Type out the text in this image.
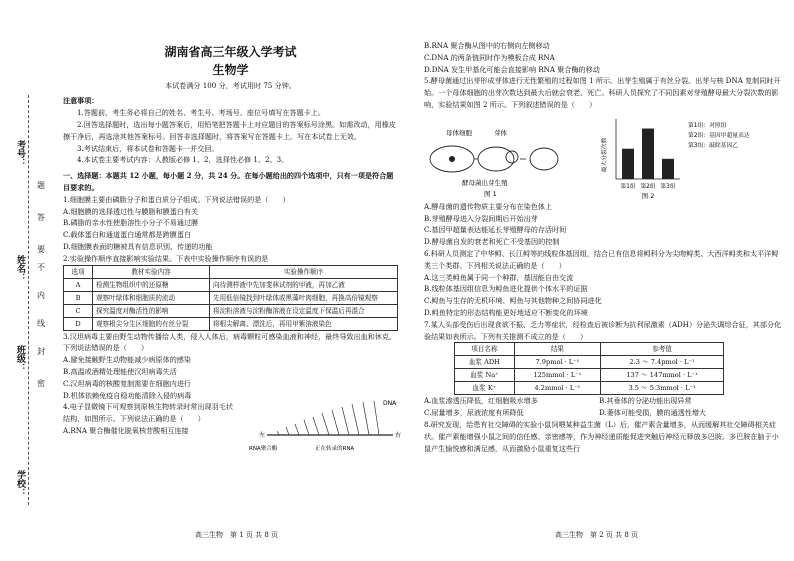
考号：
姓名：
班级：
学校：
题
答
要
不
内
线
封
密
湖南省高三年级入学考试
生物学

本试卷满分 100 分，考试用时 75 分钟。

注意事项：

1.答题前，考生务必将自己的姓名、考生号、考场号、座位号填写在答题卡上。

2.回答选择题时，选出每小题答案后，用铅笔把答题卡上对应题目的答案标号涂黑。如需改动，用橡皮擦干净后，再选涂其他答案标号。回答非选择题时，将答案写在答题卡上。写在本试卷上无效。

3.考试结束后，将本试卷和答题卡一并交回。

4.本试卷主要考试内容：人教版必修 1、2，选择性必修 1、2、3。

一、选择题：本题共 12 小题，每小题 2 分，共 24 分。在每小题给出的四个选项中，只有一项是符合题目要求的。

1.细胞膜主要由磷脂分子和蛋白质分子组成。下列说法错误的是（　　）

A.细胞膜的选择透过性与膜脂和膜蛋白有关

B.磷脂的亲水性使脂溶性小分子不易通过膜

C.载体蛋白和通道蛋白通常都是跨膜蛋白

D.细胞膜表面的糖被具有信息识别、传递的功能

2.实验操作顺序直接影响实验结果。下表中实验操作顺序有误的是

选项	教材实验内容	实验操作顺序
A	检测生物组织中的还原糖	向待测样液中先加斐林试剂的甲液，再加乙液
B	观察叶绿体和细胞质的流动	先用低倍镜找到叶绿体或黑藻叶肉细胞，再换高倍镜观察
C	探究温度对酶活性的影响	将淀粉溶液与淀粉酶溶液在设定温度下保温后再混合
D	观察根尖分生区细胞的有丝分裂	将根尖解离、漂洗后，再用甲紫溶液染色

3.汉坦病毒主要由野生动物传播给人类，侵入人体后，病毒颗粒可感染血液和神经，最终导致出血和休克。下列说法错误的是（　　）

A.避免接触野生动物能减少病原体的感染

B.高温或酒精处理能使汉坦病毒失活

C.汉坦病毒的核酸复制需要在细胞内进行

D.机体依赖免疫自稳功能清除入侵的病毒

4.电子显微镜下可观察到原核生物转录时常出现羽毛状结构，如图所示。下列说法正确的是（　　）

A.RNA 聚合酶催化脱氧核苷酸相互连接

左	右
DNA
RNA聚合酶	正在转录的RNA

B.RNA 聚合酶从图中的右侧向左侧移动

C.DNA 的两条链同时作为模板合成 RNA

D.DNA 发生甲基化可能会直接影响 RNA 聚合酶的移动

5.酵母菌通过出芽形成芽体进行无性繁殖的过程如图 1 所示。出芽生殖属于有丝分裂。出芽与核 DNA 复制同时开始。一个母体细胞的出芽次数达到最大后就会衰老、死亡。科研人员探究了不同因素对芽殖酵母最大分裂次数的影响，实验结果如图 2 所示。下列叙述错误的是（　　）

母体细胞	芽体
酵母菌出芽生殖
图 1
最大分裂次数
第1组 第2组 第3组
第1组：对照组
第2组：基因甲超量表达
第3组：敲除基因乙
图 2

A.酵母菌的遗传物质主要分布在染色体上

B.芽殖酵母进入分裂间期后开始出芽

C.基因甲超量表达能延长芽殖酵母的存活时间

D.酵母菌自发的衰老和死亡不受基因的控制

6.科研人员测定了中华鲟、长江鲟等的线粒体基因组，结合已有信息将鲟科分为尖吻鲟类、大西洋鲟类和太平洋鲟类三个类群。下列相关说法正确的是（　　）

A.这三类鲟鱼属于同一个种群，基因能自由交流

B.线粒体基因组信息为鲟鱼进化提供个体水平的证据

C.鲟鱼与生存的无机环境、鲟鱼与其他物种之间协同进化

D.鲟鱼特定的形态结构能更好地适应不断变化的环境

7.某人头部受伤后出现食欲不振、乏力等症状，经检查后被诊断为抗利尿激素（ADH）分泌失调综合征，其部分化验结果如表所示。下列有关推测不成立的是（　　）

项目名称	结果	参考值
血浆 ADH	7.9pmol · L⁻¹	2.3 ～ 7.4pmol · L⁻¹
血浆 Na⁺	125mmol · L⁻¹	137 ～ 147mmol · L⁻¹
血浆 K⁺	4.2mmol · L⁻¹	3.5 ～ 5.3mmol · L⁻¹

A.血浆渗透压降低，红细胞吸水增多	B.其垂体的分泌功能出现异常

C.尿量增多，尿液浓度有所降低	D.萎体可能受损，膜的通透性增大

8.研究发现，给患有社交障碍的实验小鼠饲喂某种益生菌（L）后，催产素含量增多，从而缓解其社交障碍相关症状。催产素能增强小鼠之间的信任感、亲密感等，作为神经递质能促进突触后神经元释放多巴胺。多巴胺在脑于小鼠产生愉悦感和满足感，从而激励小鼠重复这些行

高三生物　第 1 页 共 8 页	高三生物　第 2 页 共 8 页
